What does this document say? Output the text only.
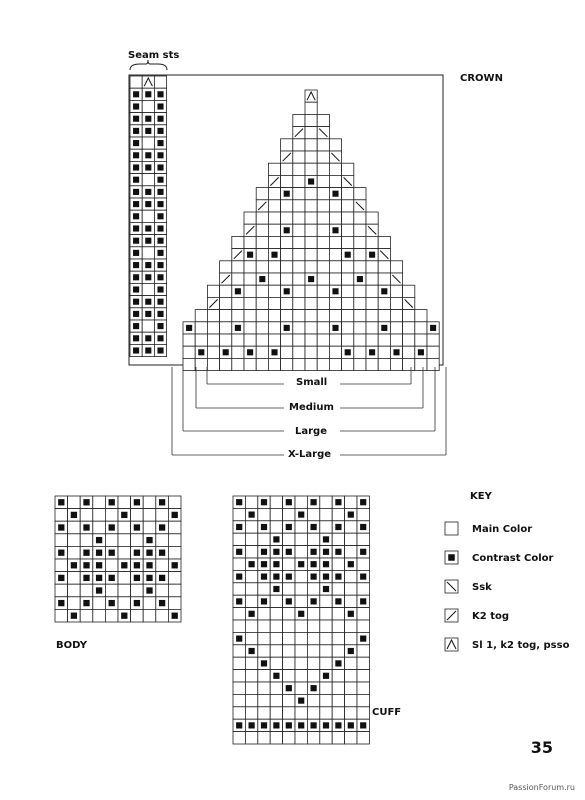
Seam sts
CROWN
BODY
CUFF
KEY
Small
Medium
Large
X-Large
Main Color
Contrast Color
Ssk
K2 tog
Sl 1, k2 tog, psso
35
PassionForum.ru
